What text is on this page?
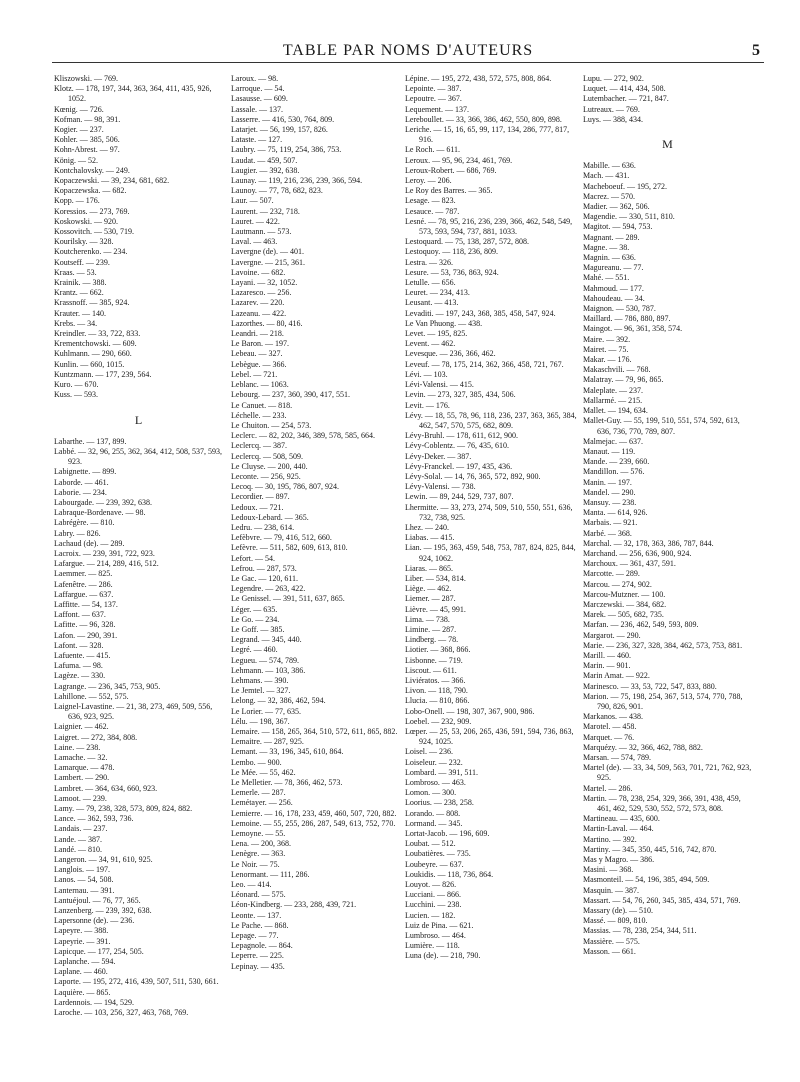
TABLE PAR NOMS D'AUTEURS	5

Kliszowski. — 769.

Klotz. — 178, 197, 344, 363, 364, 411, 435, 926, 1052.

Kœnig. — 726.

Kofman. — 98, 391.

Kogier. — 237.

Kohler. — 385, 506.

Kohn-Abrest. — 97.

König. — 52.

Kontchalovsky. — 249.

Kopaczewski. — 39, 234, 681, 682.

Kopaczewska. — 682.

Kopp. — 176.

Koressios. — 273, 769.

Koskowski. — 920.

Kossovitch. — 530, 719.

Kourilsky. — 328.

Koutcherenko. — 234.

Koutseff. — 239.

Kraas. — 53.

Krainik. — 388.

Krantz. — 662.

Krassnoff. — 385, 924.

Krauter. — 140.

Krebs. — 34.

Kreindler. — 33, 722, 833.

Krementchowski. — 609.

Kuhlmann. — 290, 660.

Kunlin. — 660, 1015.

Kuntzmann. — 177, 239, 564.

Kuro. — 670.

Kuss. — 593.

L

Labarthe. — 137, 899.

Labbé. — 32, 96, 255, 362, 364, 412, 508, 537, 593, 923.

Labignette. — 899.

Laborde. — 461.

Laborie. — 234.

Labourgade. — 239, 392, 638.

Labraque-Bordenave. — 98.

Labrégère. — 810.

Labry. — 826.

Lachaud (de). — 289.

Lacroix. — 239, 391, 722, 923.

Lafargue. — 214, 289, 416, 512.

Laemmer. — 825.

Lafenêtre. — 286.

Laffargue. — 637.

Laffitte. — 54, 137.

Laffont. — 637.

Lafitte. — 96, 328.

Lafon. — 290, 391.

Lafont. — 328.

Lafuente. — 415.

Lafuma. — 98.

Lagèze. — 330.

Lagrange. — 236, 345, 753, 905.

Lahillone. — 552, 575.

Laignel-Lavastine. — 21, 38, 273, 469, 509, 556, 636, 923, 925.

Laignier. — 462.

Laigret. — 272, 384, 808.

Laine. — 238.

Lamache. — 32.

Lamarque. — 478.

Lambert. — 290.

Lambret. — 364, 634, 660, 923.

Lamoot. — 239.

Lamy. — 79, 238, 328, 573, 809, 824, 882.

Lance. — 362, 593, 736.

Landais. — 237.

Lande. — 387.

Landé. — 810.

Langeron. — 34, 91, 610, 925.

Langlois. — 197.

Lanos. — 54, 508.

Lanternau. — 391.

Lantuéjoul. — 76, 77, 365.

Lanzenberg. — 239, 392, 638.

Lapersonne (de). — 236.

Lapeyre. — 388.

Lapeyrie. — 391.

Lapicque. — 177, 254, 505.

Laplanche. — 594.

Laplane. — 460.

Laporte. — 195, 272, 416, 439, 507, 511, 530, 661.

Laquière. — 865.

Lardennois. — 194, 529.

Laroche. — 103, 256, 327, 463, 768, 769.

Laroux. — 98.

Larroque. — 54.

Lasausse. — 609.

Lassale. — 137.

Lasserre. — 416, 530, 764, 809.

Latarjet. — 56, 199, 157, 826.

Lataste. — 127.

Laubry. — 75, 119, 254, 386, 753.

Laudat. — 459, 507.

Laugier. — 392, 638.

Launay. — 119, 216, 236, 239, 366, 594.

Launoy. — 77, 78, 682, 823.

Laur. — 507.

Laurent. — 232, 718.

Lauret. — 422.

Lautmann. — 573.

Laval. — 463.

Lavergne (de). — 401.

Lavergne. — 215, 361.

Lavoine. — 682.

Layani. — 32, 1052.

Lazaresco. — 256.

Lazarev. — 220.

Lazeanu. — 422.

Lazorthes. — 80, 416.

Leandri. — 218.

Le Baron. — 197.

Lebeau. — 327.

Lebègue. — 366.

Lebel. — 721.

Leblanc. — 1063.

Lebourg. — 237, 360, 390, 417, 551.

Le Canuet. — 818.

Léchelle. — 233.

Le Chuiton. — 254, 573.

Leclerc. — 82, 202, 346, 389, 578, 585, 664.

Leclercq. — 387.

Leclercq. — 508, 509.

Le Cluyse. — 200, 440.

Leconte. — 256, 925.

Lecoq. — 30, 195, 786, 807, 924.

Lecordier. — 897.

Ledoux. — 721.

Ledoux-Lebard. — 365.

Ledru. — 238, 614.

Lefèbvre. — 79, 416, 512, 660.

Lefèvre. — 511, 582, 609, 613, 810.

Lefort. — 54.

Lefrou. — 287, 573.

Le Gac. — 120, 611.

Legendre. — 263, 422.

Le Genissel. — 391, 511, 637, 865.

Léger. — 635.

Le Go. — 234.

Le Goff. — 385.

Legrand. — 345, 440.

Legré. — 460.

Legueu. — 574, 789.

Lehmann. — 103, 386.

Lehmans. — 390.

Le Jemtel. — 327.

Lelong. — 32, 386, 462, 594.

Le Lorier. — 77, 635.

Lélu. — 198, 367.

Lemaire. — 158, 265, 364, 510, 572, 611, 865, 882.

Lemaitre. — 287, 925.

Lemant. — 33, 196, 345, 610, 864.

Lembo. — 900.

Le Mée. — 55, 462.

Le Melletier. — 78, 366, 462, 573.

Lemerle. — 287.

Lemétayer. — 256.

Lemierre. — 16, 178, 233, 459, 460, 507, 720, 882.

Lemoine. — 55, 255, 286, 287, 549, 613, 752, 770.

Lemoyne. — 55.

Lena. — 200, 368.

Lenègre. — 363.

Le Noir. — 75.

Lenormant. — 111, 286.

Leo. — 414.

Léonard. — 575.

Léon-Kindberg. — 233, 288, 439, 721.

Leonte. — 137.

Le Pache. — 868.

Lepage. — 77.

Lepagnole. — 864.

Leperre. — 225.

Lepinay. — 435.

Lépine. — 195, 272, 438, 572, 575, 808, 864.

Lepointe. — 387.

Lepoutre. — 367.

Lequement. — 137.

Lereboullet. — 33, 366, 386, 462, 550, 809, 898.

Leriche. — 15, 16, 65, 99, 117, 134, 286, 777, 817, 916.

Le Roch. — 611.

Leroux. — 95, 96, 234, 461, 769.

Leroux-Robert. — 686, 769.

Leroy. — 206.

Le Roy des Barres. — 365.

Lesage. — 823.

Lesauce. — 787.

Lesné. — 78, 95, 216, 236, 239, 366, 462, 548, 549, 573, 593, 594, 737, 881, 1033.

Lestoquard. — 75, 138, 287, 572, 808.

Lestoquoy. — 118, 236, 809.

Lestra. — 326.

Lesure. — 53, 736, 863, 924.

Letulle. — 656.

Leuret. — 234, 413.

Leusant. — 413.

Levaditi. — 197, 243, 368, 385, 458, 547, 924.

Le Van Phuong. — 438.

Levet. — 195, 825.

Levent. — 462.

Levesque. — 236, 366, 462.

Leveuf. — 78, 175, 214, 362, 366, 458, 721, 767.

Lévi. — 103.

Lévi-Valensi. — 415.

Levin. — 273, 327, 385, 434, 506.

Levit. — 176.

Lévy. — 18, 55, 78, 96, 118, 236, 237, 363, 365, 384, 462, 547, 570, 575, 682, 809.

Lévy-Bruhl. — 178, 611, 612, 900.

Lévy-Coblentz. — 76, 435, 610.

Lévy-Deker. — 387.

Lévy-Franckel. — 197, 435, 436.

Lévy-Solal. — 14, 76, 365, 572, 892, 900.

Lévy-Valensi. — 738.

Lewin. — 89, 244, 529, 737, 807.

Lhermitte. — 33, 273, 274, 509, 510, 550, 551, 636, 732, 738, 925.

Lhez. — 240.

Liabas. — 415.

Lian. — 195, 363, 459, 548, 753, 787, 824, 825, 844, 924, 1062.

Liaras. — 865.

Liber. — 534, 814.

Liège. — 462.

Liemer. — 287.

Lièvre. — 45, 991.

Lima. — 738.

Limine. — 287.

Lindberg. — 78.

Liotier. — 368, 866.

Lisbonne. — 719.

Liscout. — 611.

Liviératos. — 366.

Livon. — 118, 790.

Llucia. — 810, 866.

Lobo-Onell. — 198, 307, 367, 900, 986.

Loebel. — 232, 909.

Lœper. — 25, 53, 206, 265, 436, 591, 594, 736, 863, 924, 1025.

Loisel. — 236.

Loiseleur. — 232.

Lombard. — 391, 511.

Lombroso. — 463.

Lomon. — 300.

Loorius. — 238, 258.

Lorando. — 808.

Lormand. — 345.

Lortat-Jacob. — 196, 609.

Loubat. — 512.

Loubatières. — 735.

Loubeyre. — 637.

Loukidis. — 118, 736, 864.

Louyot. — 826.

Lucciani. — 866.

Lucchini. — 238.

Lucien. — 182.

Luiz de Pina. — 621.

Lumbroso. — 464.

Lumière. — 118.

Luna (de). — 218, 790.

Lupu. — 272, 902.

Luquet. — 414, 434, 508.

Lutembacher. — 721, 847.

Lutreaux. — 769.

Luys. — 388, 434.

M

Mabille. — 636.

Mach. — 431.

Macheboeuf. — 195, 272.

Macrez. — 570.

Madier. — 362, 506.

Magendie. — 330, 511, 810.

Magitot. — 594, 753.

Magnant. — 289.

Magne. — 38.

Magnin. — 636.

Magureanu. — 77.

Mahé. — 551.

Mahmoud. — 177.

Mahoudeau. — 34.

Maignon. — 530, 787.

Maillard. — 786, 880, 897.

Maingot. — 96, 361, 358, 574.

Maire. — 392.

Mairet. — 75.

Makar. — 176.

Makaschvili. — 768.

Malatray. — 79, 96, 865.

Maleplate. — 237.

Mallarmé. — 215.

Mallet. — 194, 634.

Mallet-Guy. — 55, 199, 510, 551, 574, 592, 613, 636, 736, 770, 789, 807.

Malmejac. — 637.

Manaut. — 119.

Mande. — 239, 660.

Mandillon. — 576.

Manin. — 197.

Mandel. — 290.

Mansuy. — 238.

Manta. — 614, 926.

Marbais. — 921.

Marbé. — 368.

Marchal. — 32, 178, 363, 386, 787, 844.

Marchand. — 256, 636, 900, 924.

Marchoux. — 361, 437, 591.

Marcotte. — 289.

Marcou. — 274, 902.

Marcou-Mutzner. — 100.

Marczewski. — 384, 682.

Marek. — 505, 682, 735.

Marfan. — 236, 462, 549, 593, 809.

Margarot. — 290.

Marie. — 236, 327, 328, 384, 462, 573, 753, 881.

Marill. — 460.

Marin. — 901.

Marin Amat. — 922.

Marinesco. — 33, 53, 722, 547, 833, 880.

Marion. — 75, 198, 254, 367, 513, 574, 770, 788, 790, 826, 901.

Markanos. — 438.

Marotel. — 458.

Marquet. — 76.

Marquézy. — 32, 366, 462, 788, 882.

Marsan. — 574, 789.

Martel (de). — 33, 34, 509, 563, 701, 721, 762, 923, 925.

Martel. — 286.

Martin. — 78, 238, 254, 329, 366, 391, 438, 459, 461, 462, 529, 530, 552, 572, 573, 808.

Martineau. — 435, 600.

Martin-Laval. — 464.

Martino. — 392.

Martiny. — 345, 350, 445, 516, 742, 870.

Mas y Magro. — 386.

Masini. — 368.

Masmonteil. — 54, 196, 385, 494, 509.

Masquin. — 387.

Massart. — 54, 76, 260, 345, 385, 434, 571, 769.

Massary (de). — 510.

Massé. — 809, 810.

Massias. — 78, 238, 254, 344, 511.

Massière. — 575.

Masson. — 661.
